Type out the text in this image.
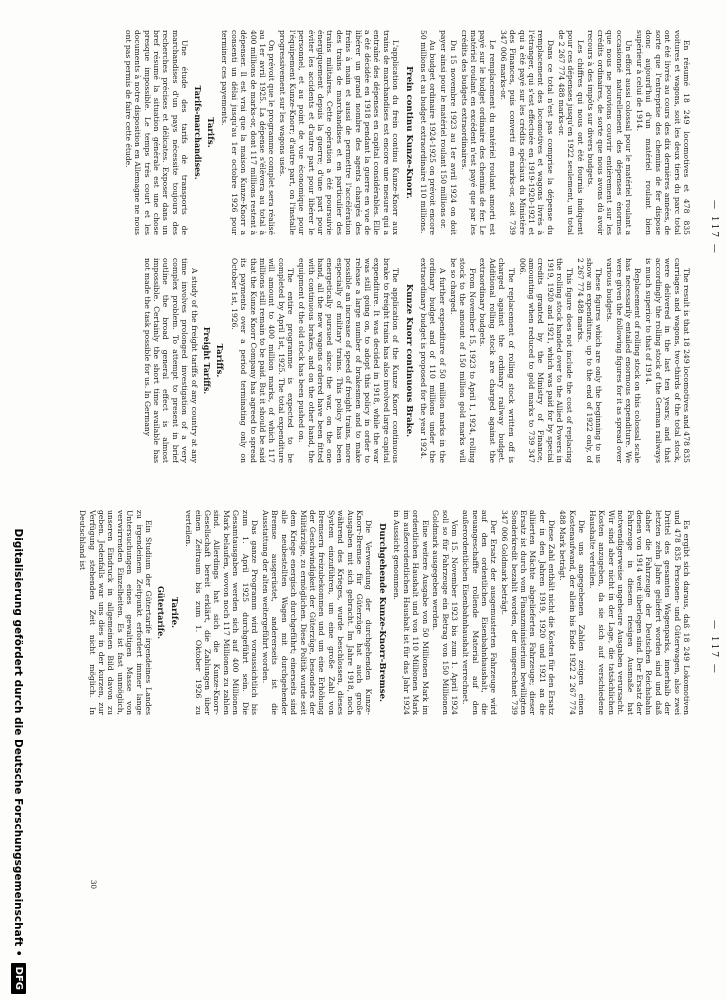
— 117 —
— 117 —

En résumé 18 249 locomotives et 478 835 voitures et wagons, soit les deux tiers du parc total ont été livrés au cours des dix dernières années, de sorte que l'entreprise des chemins de fer dispose donc aujourd'hui d'un matériel roulant bien supérieur à celui de 1914.

Un effort aussi colossal pour le matériel roulant a occasionné naturellement des dépenses énormes que nous ne pouvions couvrir entièrement sur les crédits ordinaires, de sorte que nous avons dû avoir recours à des impôts sur divers budgets.

Les chiffres qui nous ont été fournis indiquent pour ces dépenses jusqu'en 1922 seulement, un total de 2 267 774 488 marks-or.

Dans ce total n'est pas comprise la dépense du remplacement des locomotives et wagons livrés à l'étranger, qui s'est effectuée en 1919-1920-1921 et qui a été payé sur les crédits spéciaux du Ministère des Finances, puis converti en marks-or, soit 739 347 006 marks-or.

Le remplacement du matériel roulant amorti est payé sur le budget ordinaire des chemins de fer. Le matériel roulant en excédent n'est payé que par les crédits des budgets extraordinaires.

Du 15 novembre 1923 au 1er avril 1924 on doit payer ainsi pour le matériel roulant 150 millions or.

Au budget ordinaire 1924-1925 on prévoit encore 50 millions et au budget extraordinaire 110 millions.

Frein continu Kunze-Knorr.

L'application du frein continu Kunze-Knorr aux trains de marchandises est encore une mesure qui a entraîné des dépenses en capital considérables. Elle a été décidée en 1918 pendant la guerre en vue de libérer un grand nombre des agents chargés des freins à main et aussi de permettre l'accélération des trains de marchandises et en particulier des trains militaires. Cette opération a été poursuivie énergiquement depuis la guerre; d'une part pour éviter les accidents et d'autre part pour libérer le personnel, et au point de vue économique pour l'équipement Kunze-Knorr; d'autre part, on l'installe progressivement sur les wagons usés.

On prévoit que le programme complet sera réalisé au 1er avril 1925. La dépense s'élèvera au total à 400 millions de marks-or, dont 117 millions restent à dépenser. Il est vrai que la maison Kunze-Knorr a consenti un délai jusqu'au 1er octobre 1926 pour terminer ces payements.

Tarifs.
Tarifs-marchandises.

Une étude des tarifs de transports de marchandises d'un pays nécessite toujours des recherches précises et délicates. Exposer dans un bref résumé la situation générale est une chose presque impossible. Le temps très court et les documents à notre disposition en Allemagne ne nous ont pas permis de faire cette étude.

The result is that 18 249 locomotives and 478 835 carriages and wagons, two-thirds of the total stock, were delivered in the last ten years; and that accordingly the rolling stock of the German railways is much superior to that of 1914.

Replacement of rolling stock on this colossal scale has necessarily entailed enormous expenditure. We were given the following figures for it as spread over various budgets.

These figures which are only the beginning to us show an expenditure, up to the end of 1922 only, of 2 267 774 488 marks.

This figure does not include the cost of replacing the rolling stock handed over to the Allied Powers in 1919, 1920 and 1921, which was paid for by special credits granted by the Ministry of Finance, amounting when reduced to gold marks to 739 347 006.

The replacement of rolling stock written off is charged against the ordinary railway budget. Additional rolling stock are charged against the extraordinary budgets.

From November 15, 1923 to April 1, 1924, rolling stock to the amount of 150 million gold marks will be so charged.

A further expenditure of 50 million marks in the ordinary budget and of 110 millions under the extraordinary budget is proposed for the year 1924.

Kunze Knorr continuous Brake.

The application of the Kunze Knorr continuous brake to freight trains has also involved large capital expenditure. It was decided in 1918, while the war was still going on, to adopt this policy in order to release a large number of brakesmen and to make possible an increase of speed of freight trains, more especially of military trains. This policy has been energetically pursued since the war, on the one hand, all the new wagons ordered have been fitted with continuous brakes, and on the other hand, the equipment of the old stock has been pushed on.

The entire programme is expected to be completed by April 1st, 1925. The total expenditure will amount to 400 million marks, of which 117 millions still remain to be paid. But it should be said that the Kunze Knorr Company has agreed to spread its payments over a period terminating only on October 1st, 1926.

Tariffs.
Freight Tariffs.

A study of the freight tariffs of any country at any time involves prolonged investigation of a very complex problem. To attempt to present in brief outline the broad general effect is almost impossible. Certainly the short time available has not made the task possible for us. In Germany

Es ergibt sich daraus, daß 18 249 Lokomotiven und 478 835 Personen- und Güterwagen, also zwei Drittel des gesamten Wagenparks, innerhalb der letzten zehn Jahre geliefert worden sind und daß daher die Fahrzeuge der Deutschen Reichsbahn denen von 1914 weit überlegen sind. Der Ersatz der Fahrzeuge in diesem riesigen Ausmaße hat notwendigerweise ungeheure Ausgaben verursacht. Wir sind aber nicht in der Lage, die tatsächlichen Kosten anzugeben, da sie sich auf verschiedene Haushalte verteilen.

Die uns angegebenen Zahlen zeigen einen Kostenaufwand, der allein bis Ende 1922 2 267 774 488 Mark beträgt.

Diese Zahl enthält nicht die Kosten für den Ersatz der in den Jahren 1919, 1920 und 1921 an die alliierten Mächte abgelieferten Fahrzeuge; dieser Ersatz ist durch vom Finanzministerium bewilligten Sonderkredit bezahlt worden, der umgerechnet 739 347 006 Goldmark beträgt.

Der Ersatz der ausgemusterten Fahrzeuge wird auf den ordentlichen Eisenbahnhaushalt, die neuangeschaffte rollende Material auf den außerordentlichen Eisenbahnhaushalt verrechnet.

Vom 15. November 1923 bis zum 1. April 1924 soll so für Fahrzeuge ein Betrag von 150 Millionen Goldmark ausgegeben werden.

Eine weitere Ausgabe von 50 Millionen Mark im ordentlichen Haushalt und von 110 Millionen Mark im außerordentlichen Haushalt ist für das Jahr 1924 in Aussicht genommen.

Durchgehende Kunze-Knorr-Bremse.

Die Verwendung der durchgehenden Kunze-Knorr-Bremse für Güterzüge hat auch große Ausgaben mit sich gebracht. Im Jahre 1918, noch während des Krieges, wurde beschlossen, dieses System einzuführen, um eine große Zahl von Bremsern freizubekommen und um eine Erhöhung der Geschwindigkeit der Güterzüge, besonders der Militärzüge, zu ermöglichen. Diese Politik wurde seit dem Kriege energisch durchgeführt; einerseits sind alle neubestellten Wagen mit durchgehender Bremse ausgerüstet, andererseits ist die Ausstattung der alten weitergeführt worden.

Das ganze Programm wird voraussichtlich bis zum 1. April 1925 durchgeführt sein. Die Gesamtausgaben werden sich auf 400 Millionen Mark belaufen, wovon noch 117 Millionen zu zahlen sind. Allerdings hat sich die Kunze-Knorr-Gesellschaft bereit erklärt, die Zahlungen über einen Zeitraum bis zum 1. Oktober 1926 zu verteilen.

Tarife.
Gütertarife.

Ein Studium der Gütertarife irgendeines Landes zu irgendeinem Zeitpunkt erfordert immer lange Untersuchungen eines gewaltigen Masse von verwirrenden Einzelheiten. Es ist fast unmöglich, unseren Eindruck in allgemeinen Bild davon zu geben. Jedenfalls war uns dies in der kurzen, zur Verfügung stehenden Zeit nicht möglich. In Deutschland ist

30
Digitalisierung gefördert durch die Deutsche Forschungsgemeinschaft •
DFG
